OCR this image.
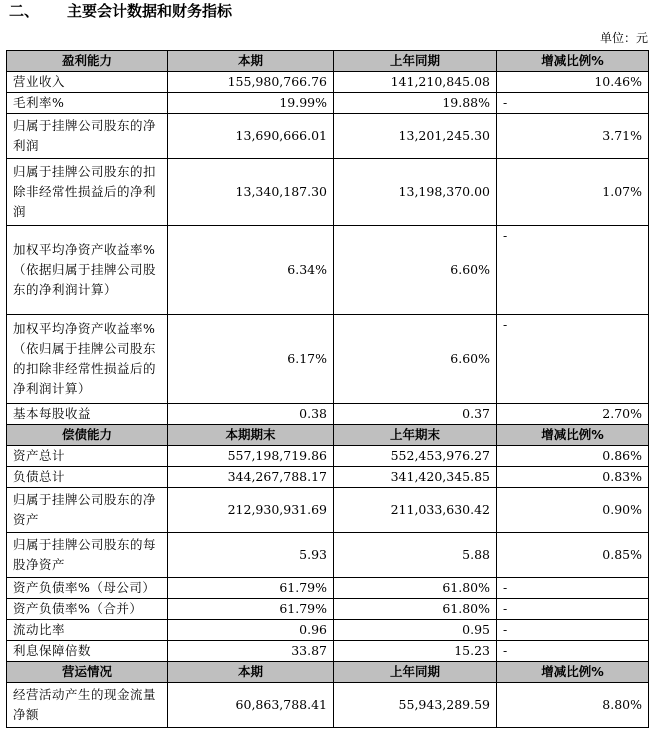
二、 主要会计数据和财务指标
单位：元
盈利能力	本期	上年同期	增减比例%
营业收入	155,980,766.76	141,210,845.08	10.46%
毛利率%	19.99%	19.88%	-
归属于挂牌公司股东的净利润	13,690,666.01	13,201,245.30	3.71%
归属于挂牌公司股东的扣除非经常性损益后的净利润	13,340,187.30	13,198,370.00	1.07%
加权平均净资产收益率%（依据归属于挂牌公司股东的净利润计算）	6.34%	6.60%	-
加权平均净资产收益率%（依归属于挂牌公司股东的扣除非经常性损益后的净利润计算）	6.17%	6.60%	-
基本每股收益	0.38	0.37	2.70%
偿债能力	本期期末	上年期末	增减比例%
资产总计	557,198,719.86	552,453,976.27	0.86%
负债总计	344,267,788.17	341,420,345.85	0.83%
归属于挂牌公司股东的净资产	212,930,931.69	211,033,630.42	0.90%
归属于挂牌公司股东的每股净资产	5.93	5.88	0.85%
资产负债率%（母公司）	61.79%	61.80%	-
资产负债率%（合并）	61.79%	61.80%	-
流动比率	0.96	0.95	-
利息保障倍数	33.87	15.23	-
营运情况	本期	上年同期	增减比例%
经营活动产生的现金流量净额	60,863,788.41	55,943,289.59	8.80%
